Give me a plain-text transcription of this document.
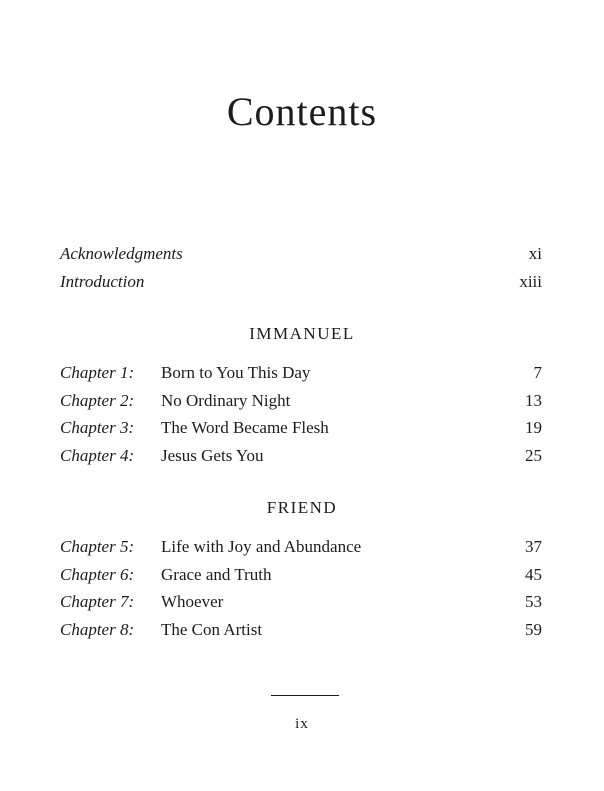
Contents
Acknowledgments	xi
Introduction	xiii
IMMANUEL
Chapter 1:	Born to You This Day	7
Chapter 2:	No Ordinary Night	13
Chapter 3:	The Word Became Flesh	19
Chapter 4:	Jesus Gets You	25
FRIEND
Chapter 5:	Life with Joy and Abundance	37
Chapter 6:	Grace and Truth	45
Chapter 7:	Whoever	53
Chapter 8:	The Con Artist	59
ix
